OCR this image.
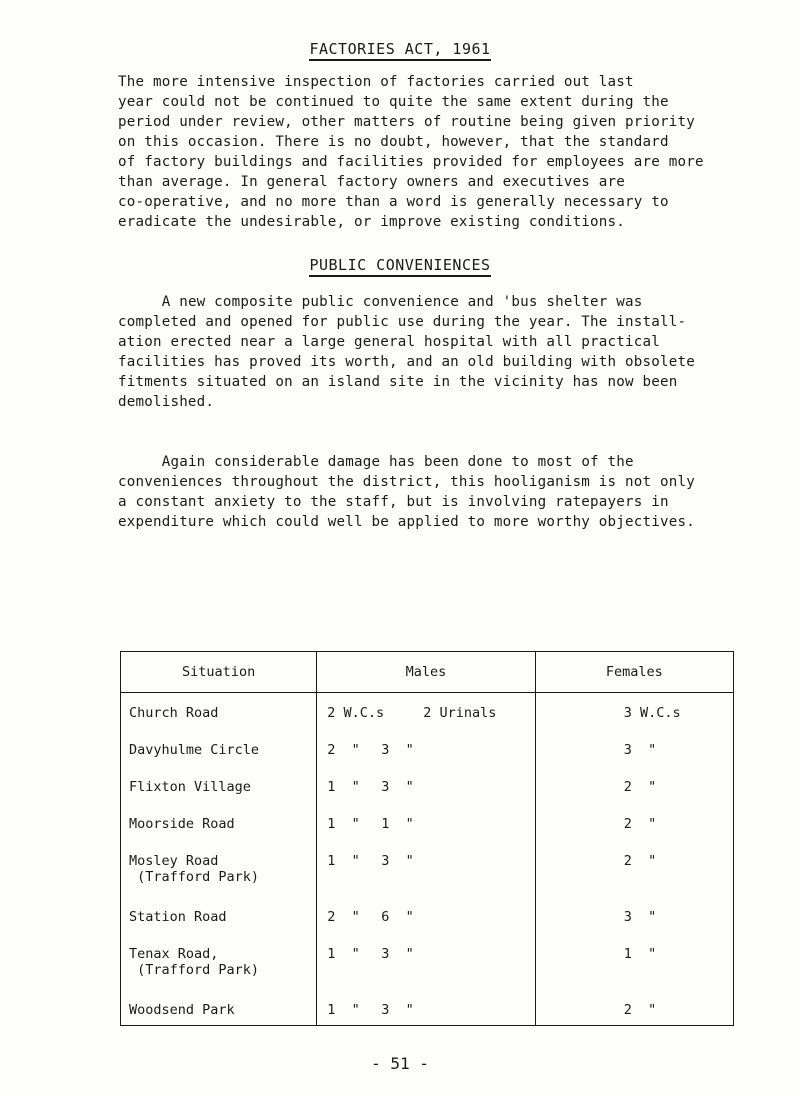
FACTORIES ACT, 1961

The more intensive inspection of factories carried out last
year could not be continued to quite the same extent during the
period under review, other matters of routine being given priority
on this occasion. There is no doubt, however, that the standard
of factory buildings and facilities provided for employees are more
than average. In general factory owners and executives are
co-operative, and no more than a word is generally necessary to
eradicate the undesirable, or improve existing conditions.

PUBLIC CONVENIENCES

A new composite public convenience and 'bus shelter was
completed and opened for public use during the year. The install-
ation erected near a large general hospital with all practical
facilities has proved its worth, and an old building with obsolete
fitments situated on an island site in the vicinity has now been
demolished.

Again considerable damage has been done to most of the
conveniences throughout the district, this hooliganism is not only
a constant anxiety to the staff, but is involving ratepayers in
expenditure which could well be applied to more worthy objectives.

Situation	Males	Females
Church Road	2 W.C.s 2 Urinals	3 W.C.s
Davyhulme Circle	2  " 3  "	3  "
Flixton Village	1  " 3  "	2  "
Moorside Road	1  " 1  "	2  "
Mosley Road
(Trafford Park)	1  " 3  "	2  "
Station Road	2  " 6  "	3  "
Tenax Road,
(Trafford Park)	1  " 3  "	1  "
Woodsend Park	1  " 3  "	2  "
- 51 -
